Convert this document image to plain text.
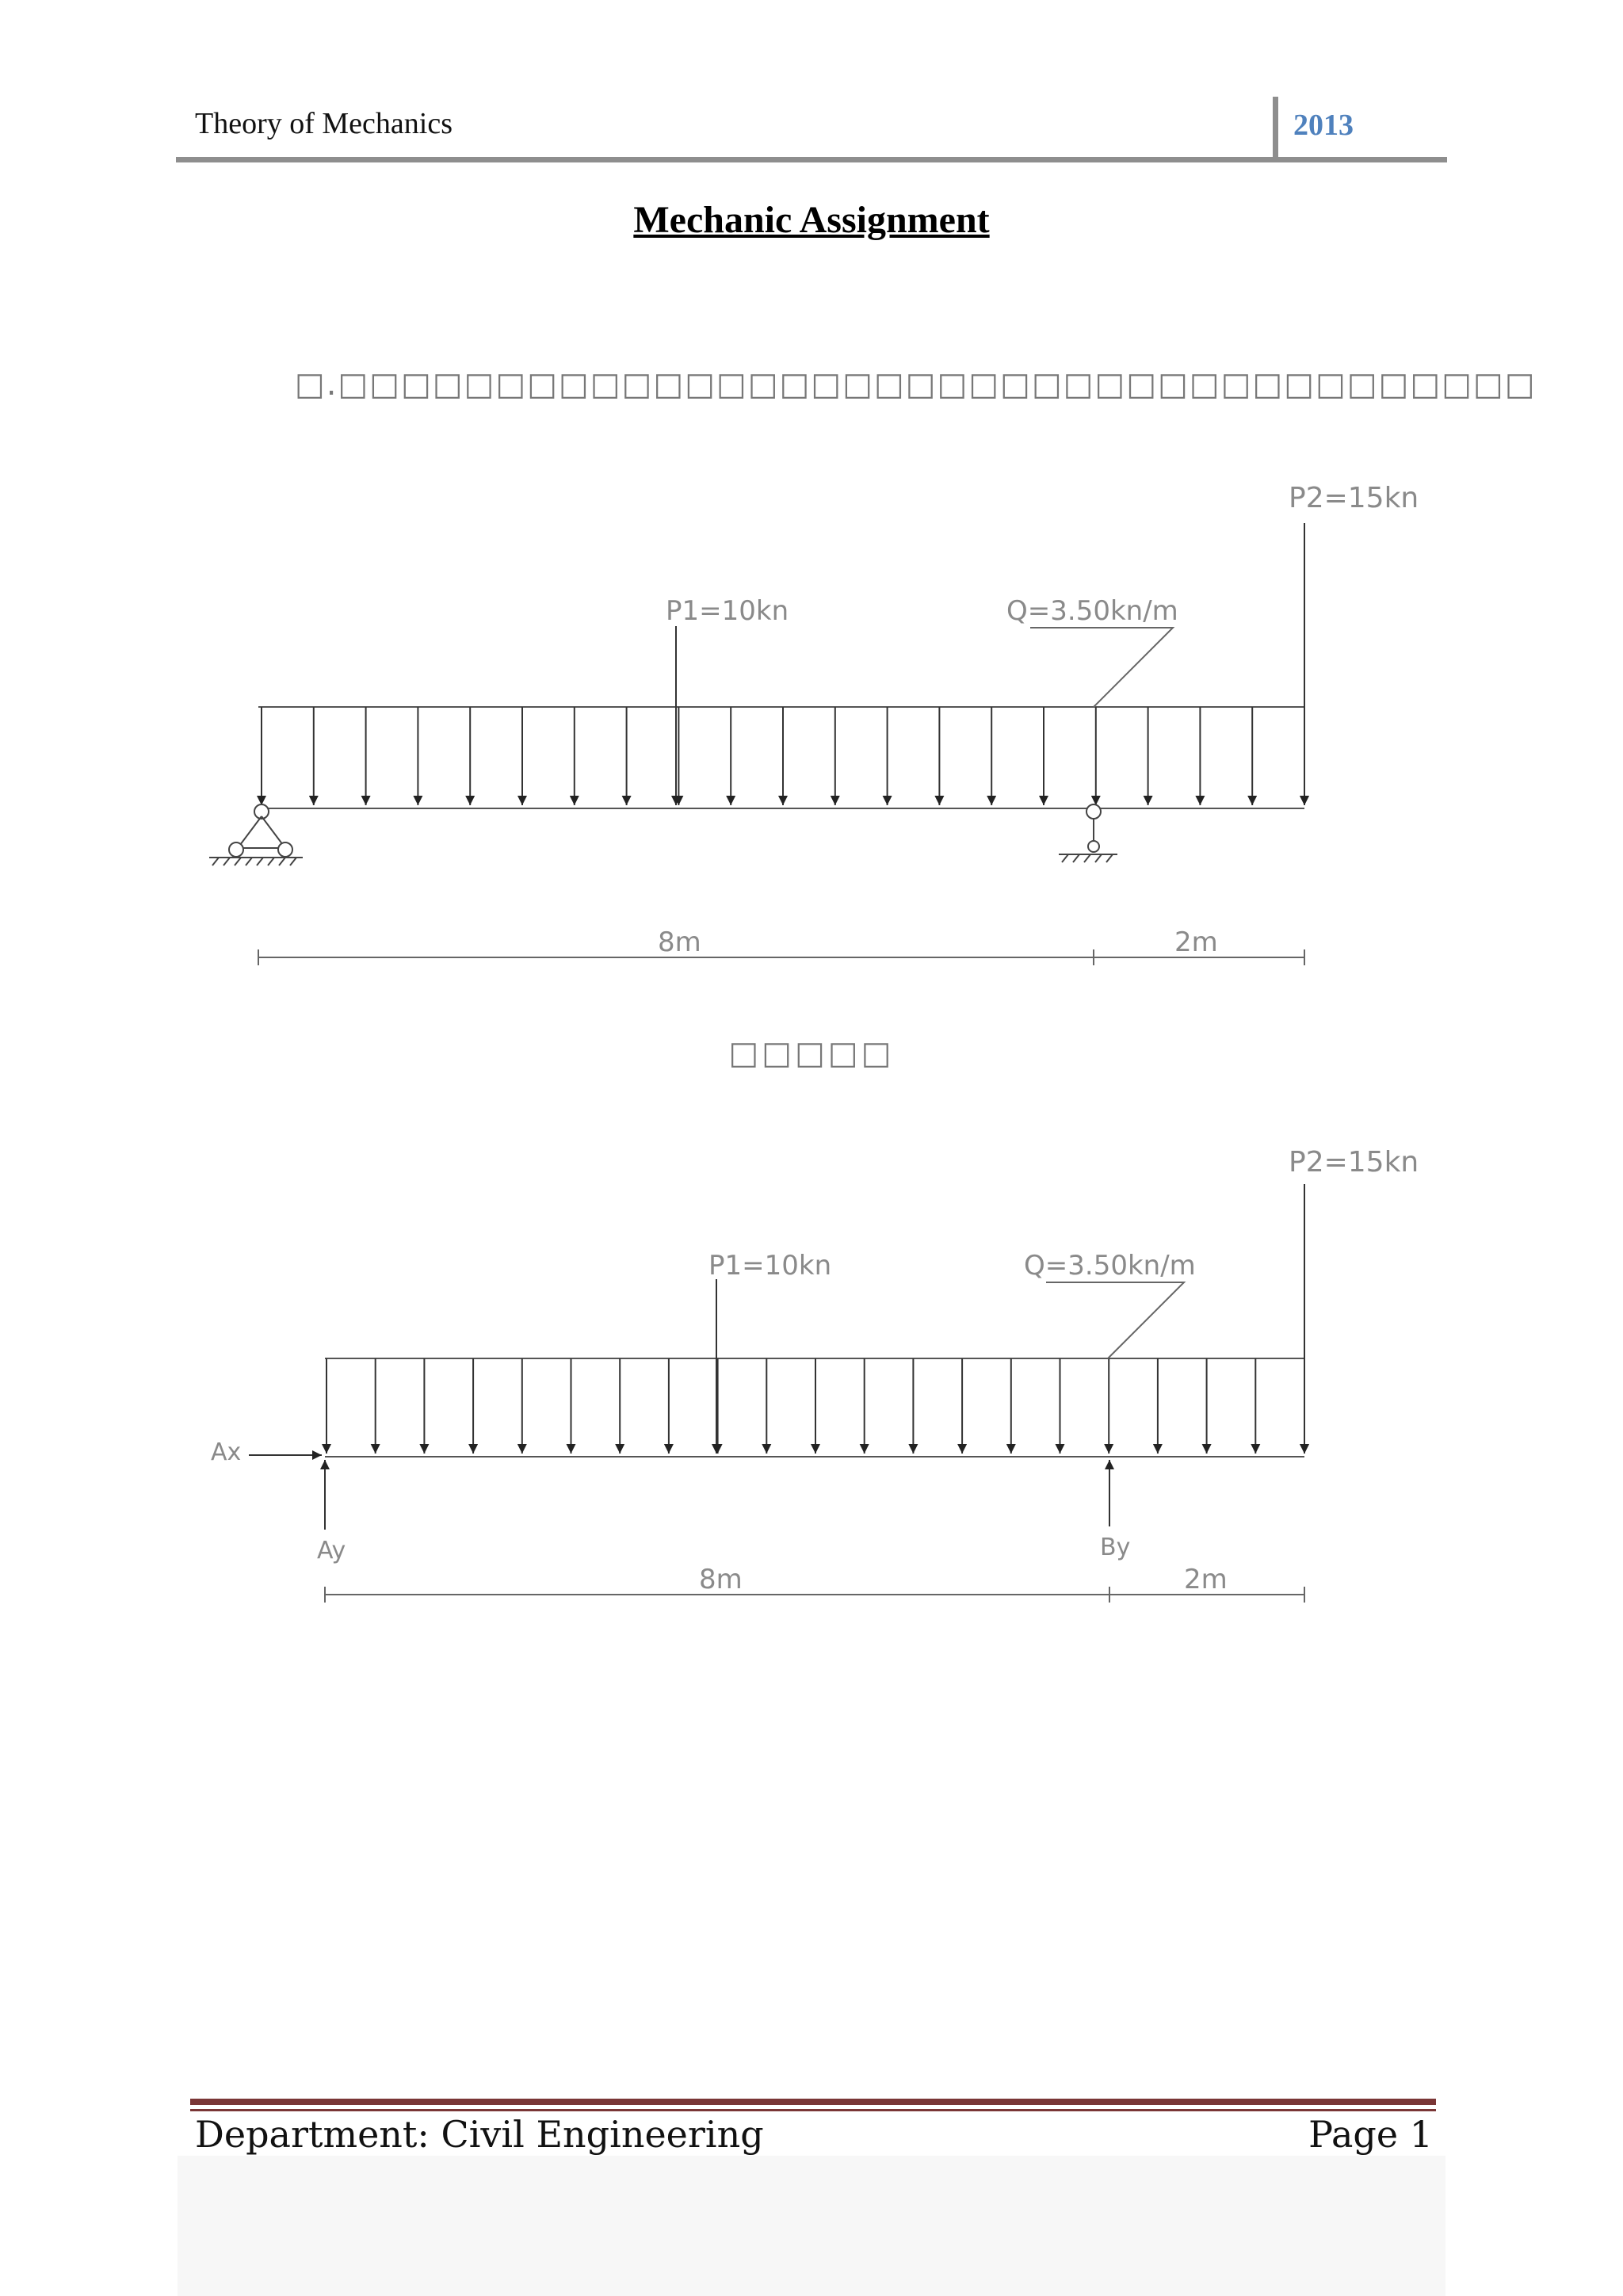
Theory of Mechanics	2013
Mechanic Assignment
□.□□□□□□□□□□□□□□□□□□□□□□□□□□□□□□□□□□□□□□
□□□□□
P1=10kn
P2=15kn
Q=3.50kn/m
8m	2m
P1=10kn
P2=15kn
Q=3.50kn/m
Ax
Ay	By
8m	2m
Department: Civil Engineering	Page 1
